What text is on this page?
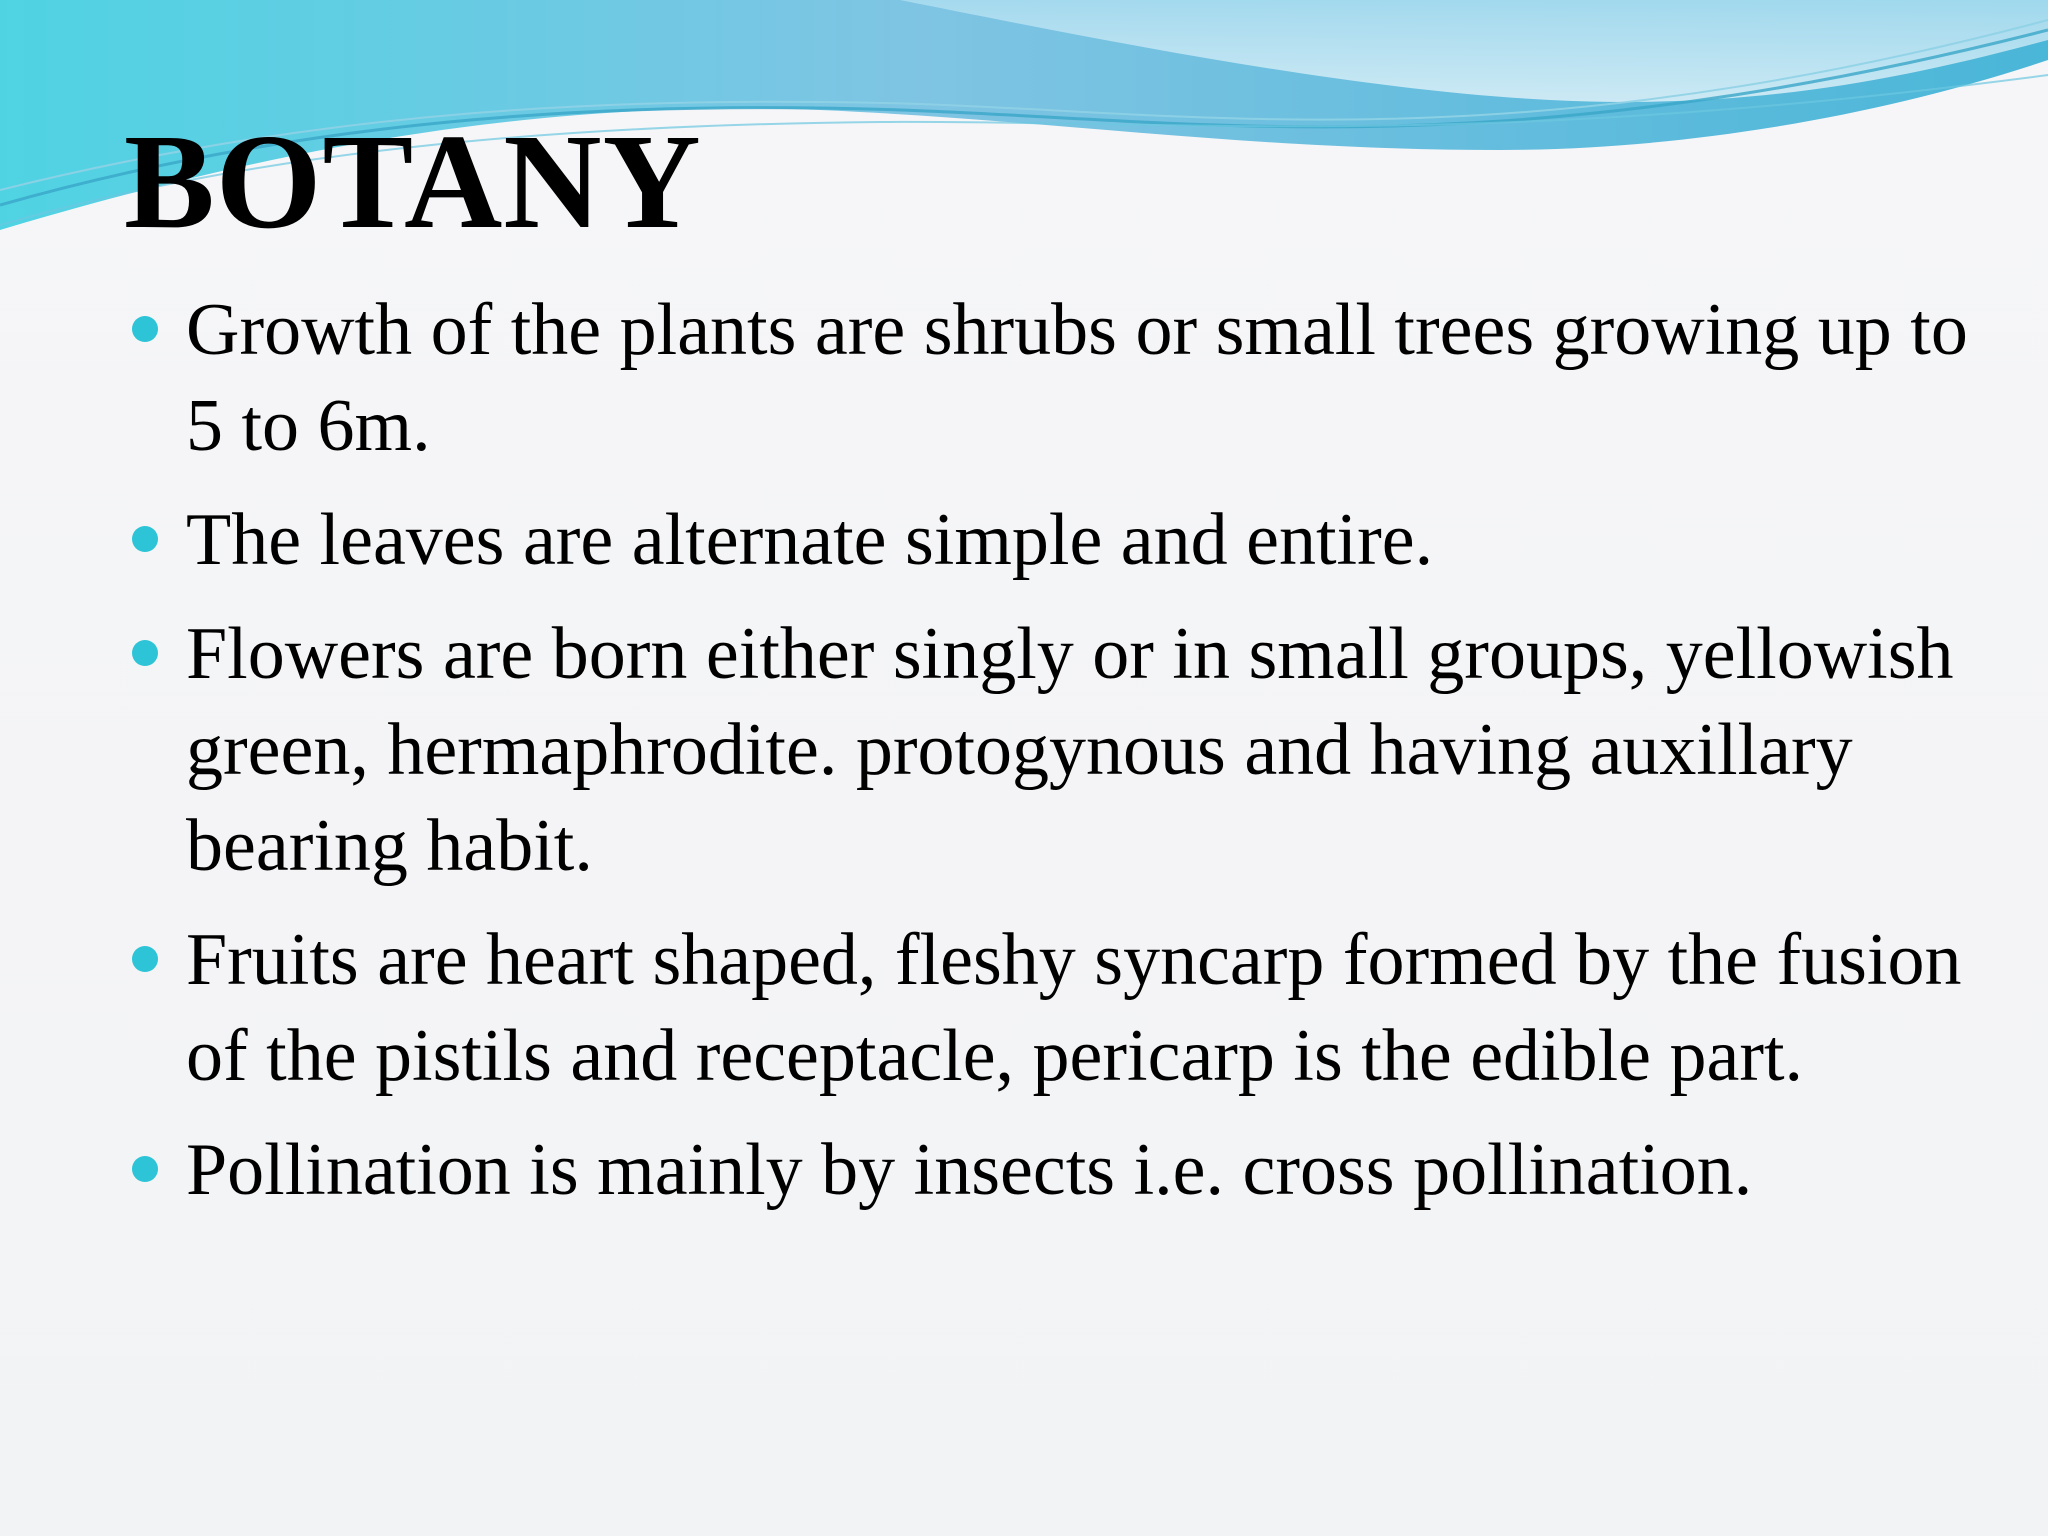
BOTANY
Growth of the plants are shrubs or small trees growing up to 5 to 6m.
The leaves are alternate simple and entire.
Flowers are born either singly or in small groups, yellowish green, hermaphrodite. protogynous and having auxillary bearing habit.
Fruits are heart shaped, fleshy syncarp formed by the fusion of the pistils and receptacle, pericarp is the edible part.
Pollination is mainly by insects i.e. cross pollination.
